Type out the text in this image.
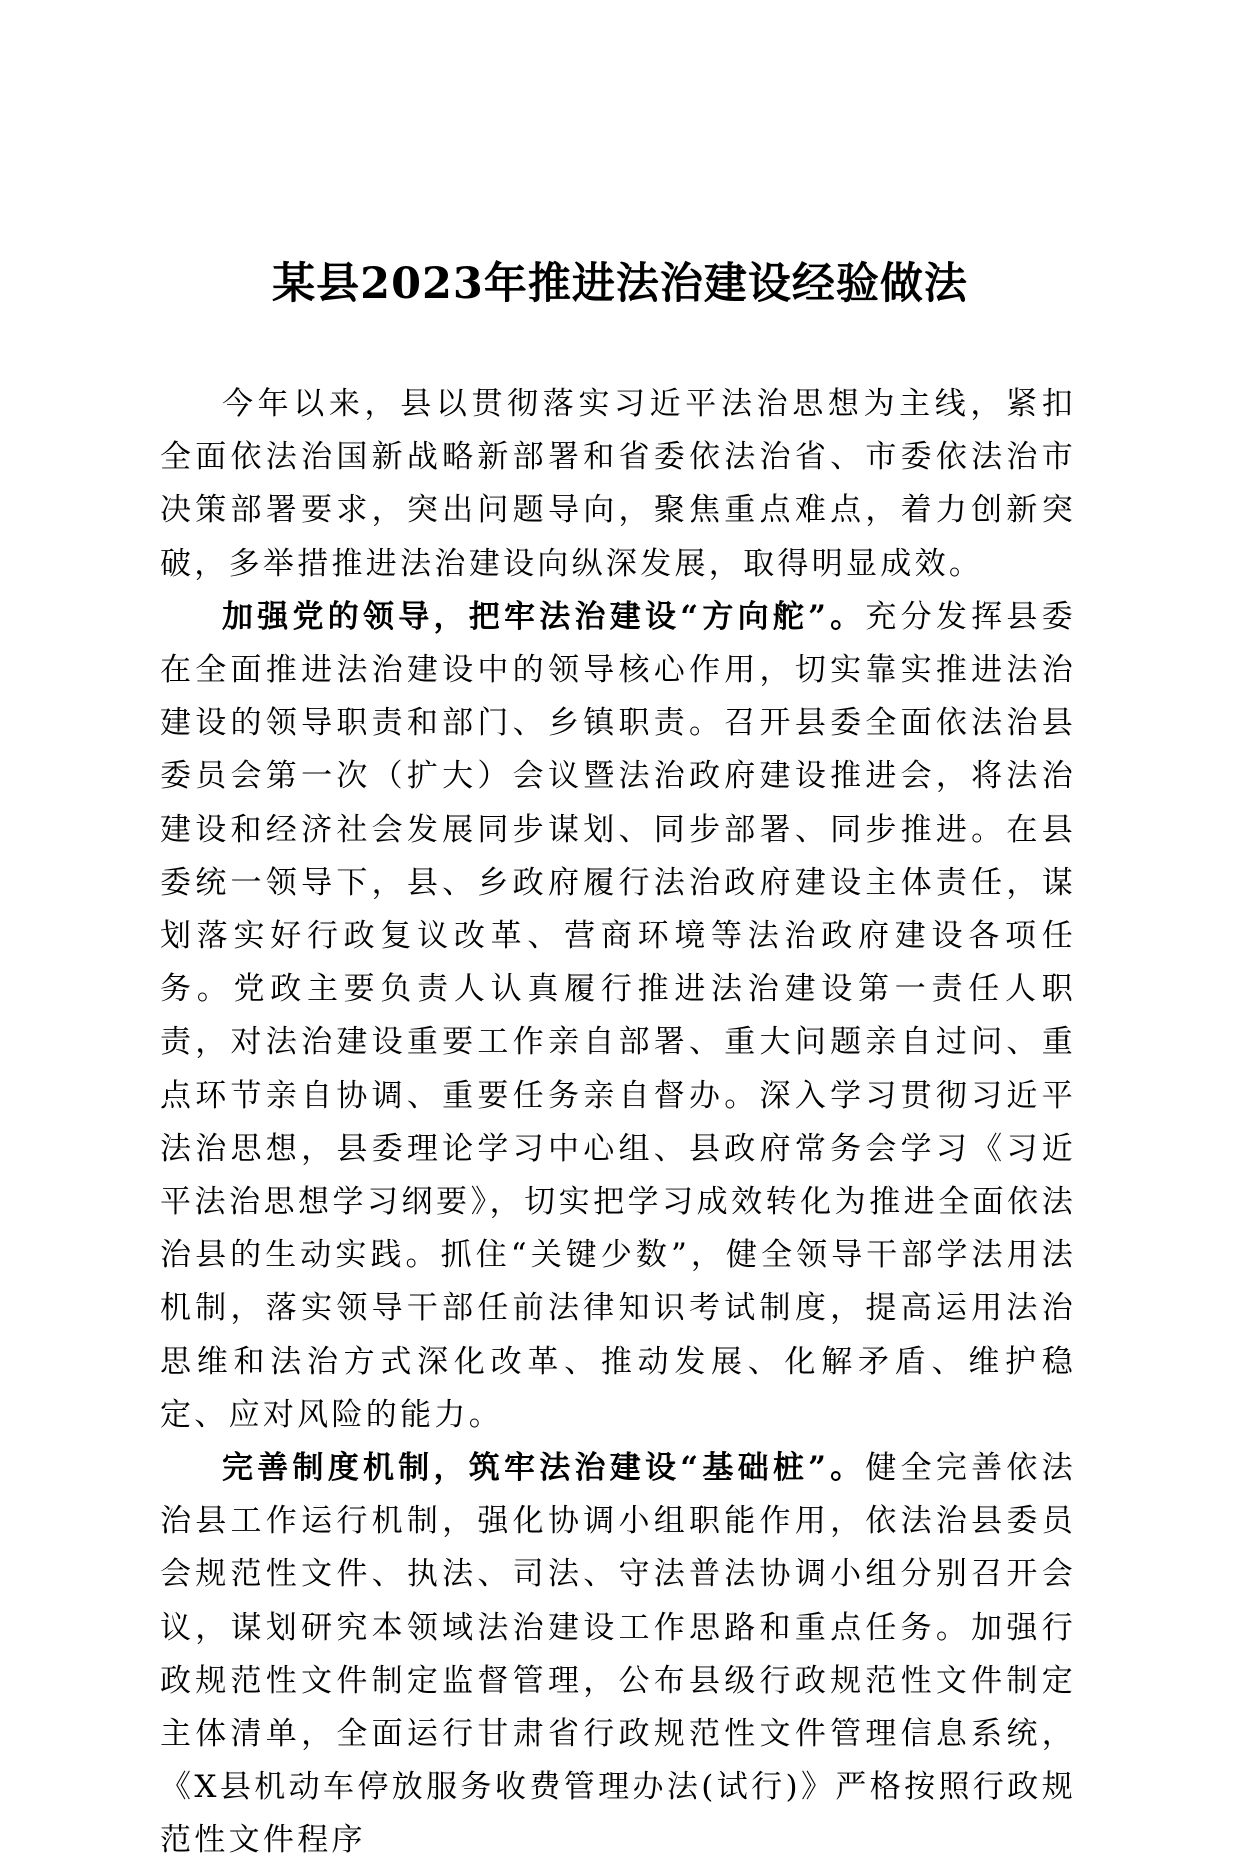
某县2023年推进法治建设经验做法

今年以来，县以贯彻落实习近平法治思想为主线，紧扣全面依法治国新战略新部署和省委依法治省、市委依法治市决策部署要求，突出问题导向，聚焦重点难点，着力创新突破，多举措推进法治建设向纵深发展，取得明显成效。

加强党的领导，把牢法治建设“方向舵”。充分发挥县委在全面推进法治建设中的领导核心作用，切实靠实推进法治建设的领导职责和部门、乡镇职责。召开县委全面依法治县委员会第一次（扩大）会议暨法治政府建设推进会，将法治建设和经济社会发展同步谋划、同步部署、同步推进。在县委统一领导下，县、乡政府履行法治政府建设主体责任，谋划落实好行政复议改革、营商环境等法治政府建设各项任务。党政主要负责人认真履行推进法治建设第一责任人职责，对法治建设重要工作亲自部署、重大问题亲自过问、重点环节亲自协调、重要任务亲自督办。深入学习贯彻习近平法治思想，县委理论学习中心组、县政府常务会学习《习近平法治思想学习纲要》，切实把学习成效转化为推进全面依法治县的生动实践。抓住“关键少数”，健全领导干部学法用法机制，落实领导干部任前法律知识考试制度，提高运用法治思维和法治方式深化改革、推动发展、化解矛盾、维护稳定、应对风险的能力。

完善制度机制，筑牢法治建设“基础桩”。健全完善依法治县工作运行机制，强化协调小组职能作用，依法治县委员会规范性文件、执法、司法、守法普法协调小组分别召开会议，谋划研究本领域法治建设工作思路和重点任务。加强行政规范性文件制定监督管理，公布县级行政规范性文件制定主体清单，全面运行甘肃省行政规范性文件管理信息系统，《X县机动车停放服务收费管理办法(试行)》严格按照行政规范性文件程序
